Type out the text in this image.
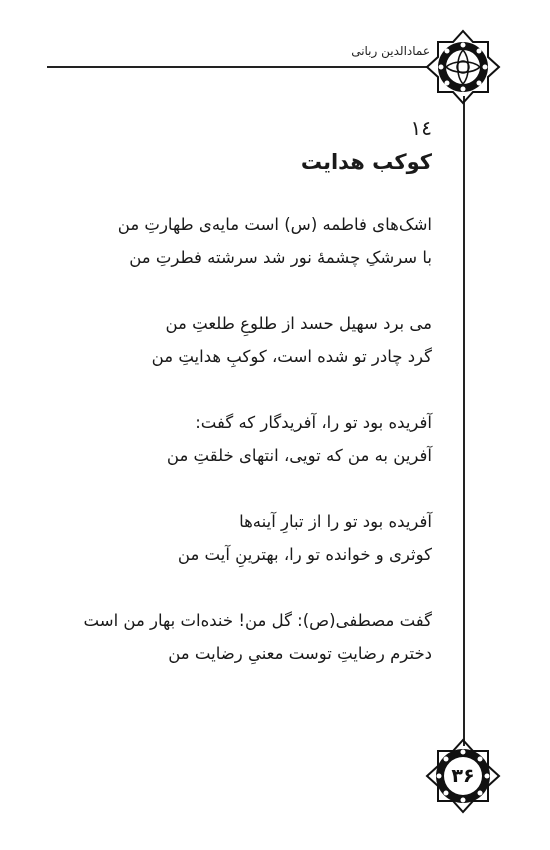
عمادالدین ربانی
۳۶
١٤
کوکب هدایت
اشک‌های فاطمه (س) است مایه‌ی طهارتِ من
با سرشکِ چشمهٔ نور شد سرشته فطرتِ من
می برد سهیل حسد از طلوعِ طلعتِ من
گرد چادر تو شده است، کوکبِ هدایتِ من
آفریده بود تو را، آفریدگار که گفت:
آفرین به من که تویی، انتهای خلقتِ من
آفریده بود تو را از تبارِ آینه‌ها
کوثری و خوانده تو را، بهترینِ آیت من
گفت مصطفی(ص): گل من! خنده‌ات بهار من است
دخترم رضایتِ توست معنیِ رضایت من
